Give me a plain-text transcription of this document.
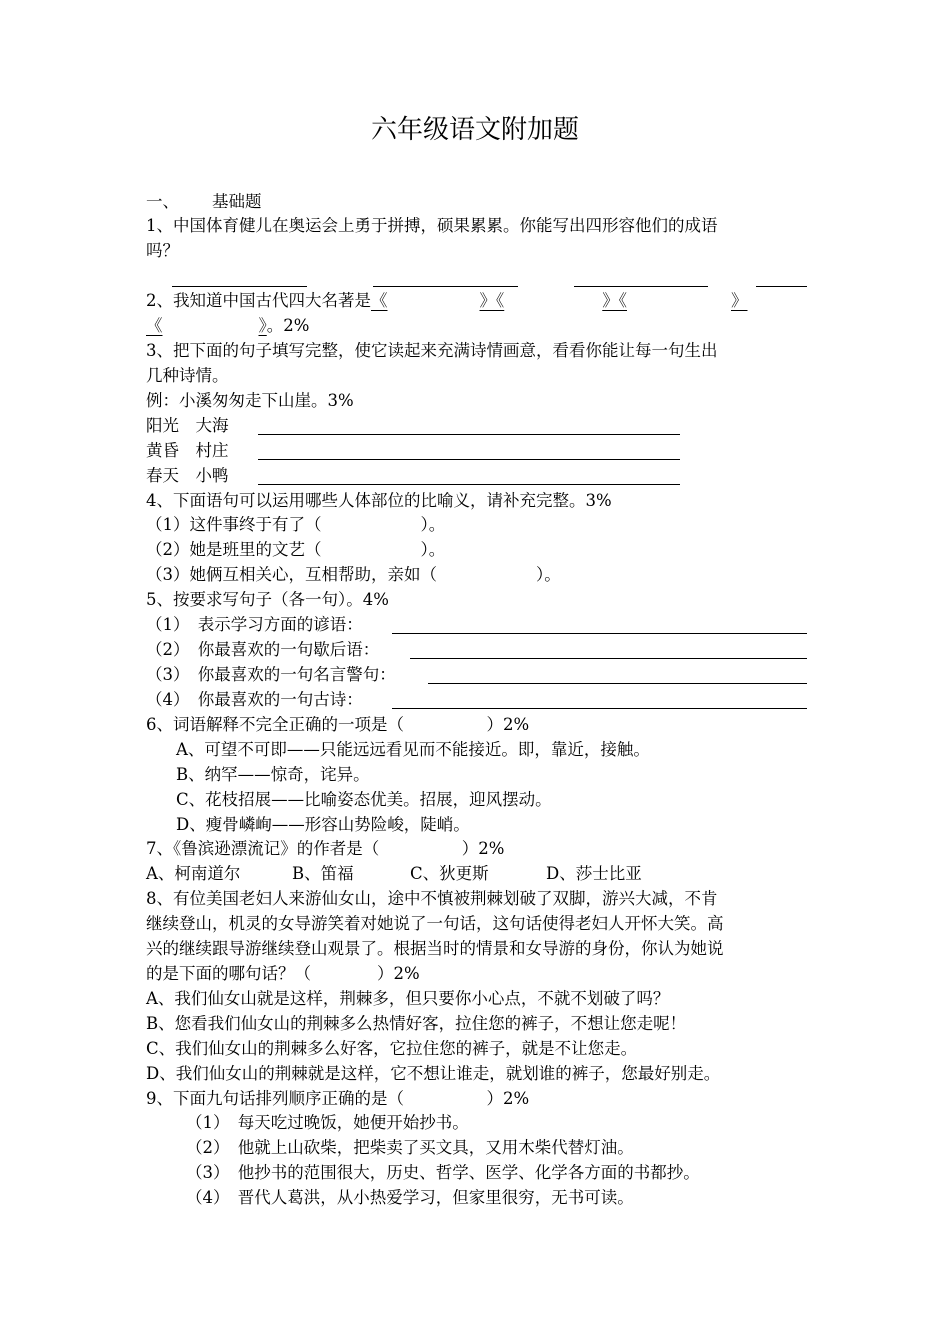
六年级语文附加题
一、 基础题
1、中国体育健儿在奥运会上勇于拼搏，硕果累累。你能写出四形容他们的成语
吗？
2、我知道中国古代四大名著是《	》《	》《	》
《	》。2%
3、把下面的句子填写完整，使它读起来充满诗情画意，看看你能让每一句生出
几种诗情。
例：小溪匆匆走下山崖。3%
阳光　大海
黄昏　村庄
春天　小鸭
4、下面语句可以运用哪些人体部位的比喻义，请补充完整。3%
（1）这件事终于有了（　　　　　　）。
（2）她是班里的文艺（　　　　　　）。
（3）她俩互相关心，互相帮助，亲如（　　　　　　）。
5、按要求写句子（各一句）。4%
（1）　表示学习方面的谚语：
（2）　你最喜欢的一句歇后语：
（3）　你最喜欢的一句名言警句：
（4）　你最喜欢的一句古诗：
6、词语解释不完全正确的一项是（　　　　　）2%
A、可望不可即——只能远远看见而不能接近。即，靠近，接触。
B、纳罕——惊奇，诧异。
C、花枝招展——比喻姿态优美。招展，迎风摆动。
D、瘦骨嶙峋——形容山势险峻，陡峭。
7、《鲁滨逊漂流记》的作者是（　　　　　）2%
A、柯南道尔	B、笛福	C、狄更斯	D、莎士比亚
8、有位美国老妇人来游仙女山，途中不慎被荆棘划破了双脚，游兴大减，不肯
继续登山，机灵的女导游笑着对她说了一句话，这句话使得老妇人开怀大笑。高
兴的继续跟导游继续登山观景了。根据当时的情景和女导游的身份，你认为她说
的是下面的哪句话？（　　　　）2%
A、我们仙女山就是这样，荆棘多，但只要你小心点，不就不划破了吗？
B、您看我们仙女山的荆棘多么热情好客，拉住您的裤子，不想让您走呢！
C、我们仙女山的荆棘多么好客，它拉住您的裤子，就是不让您走。
D、我们仙女山的荆棘就是这样，它不想让谁走，就划谁的裤子，您最好别走。
9、下面九句话排列顺序正确的是（　　　　　）2%
（1）　每天吃过晚饭，她便开始抄书。
（2）　他就上山砍柴，把柴卖了买文具，又用木柴代替灯油。
（3）　他抄书的范围很大，历史、哲学、医学、化学各方面的书都抄。
（4）　晋代人葛洪，从小热爱学习，但家里很穷，无书可读。
